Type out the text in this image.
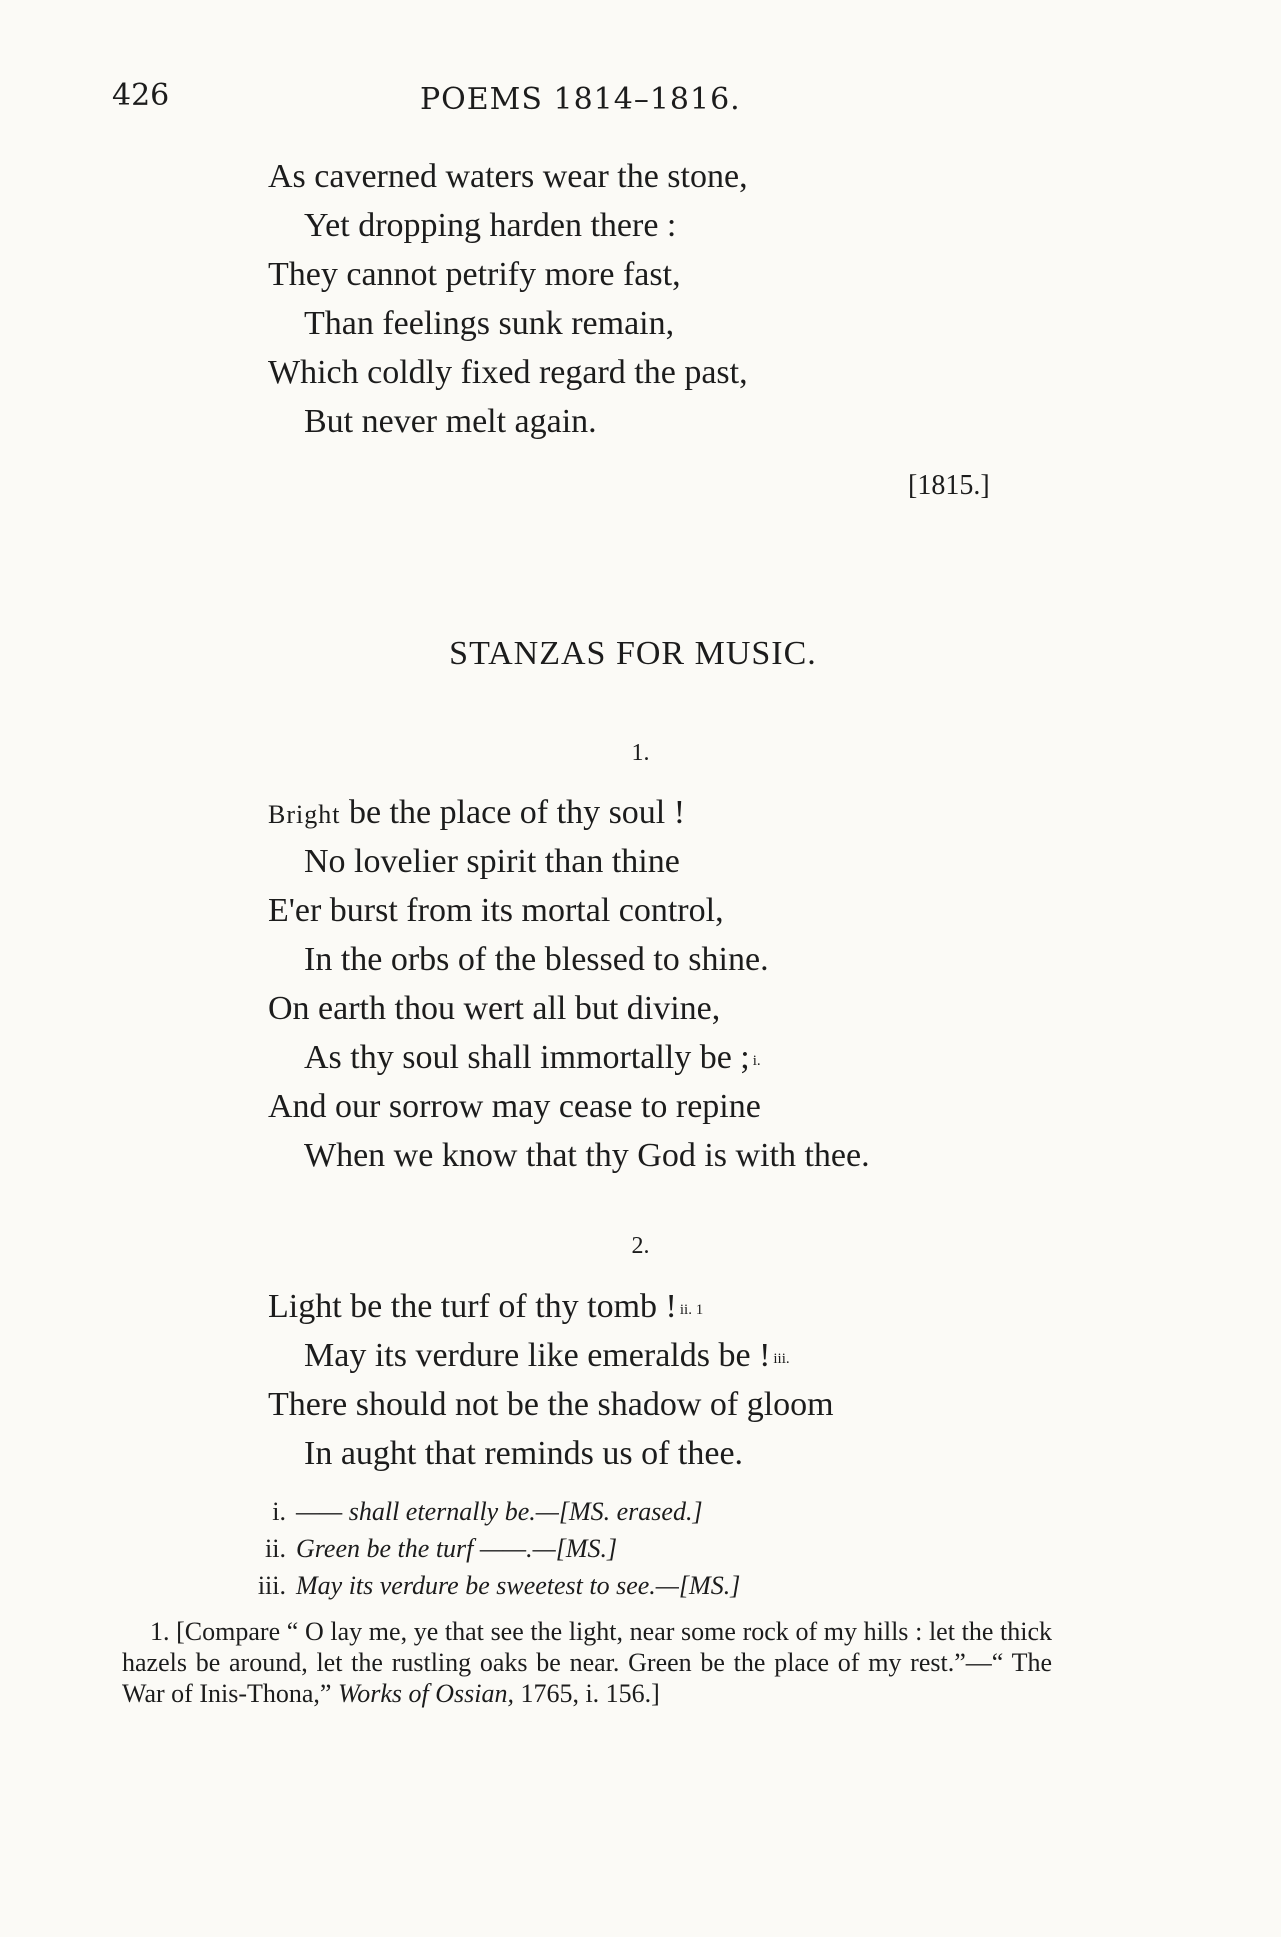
426	POEMS 1814–1816.
As caverned waters wear the stone,
Yet dropping harden there :
They cannot petrify more fast,
Than feelings sunk remain,
Which coldly fixed regard the past,
But never melt again.
[1815.]
STANZAS FOR MUSIC.
1.
Bright be the place of thy soul !
No lovelier spirit than thine
E'er burst from its mortal control,
In the orbs of the blessed to shine.
On earth thou wert all but divine,
As thy soul shall immortally be ; $^{i.}$
And our sorrow may cease to repine
When we know that thy God is with thee.
2.
Light be the turf of thy tomb ! $^{ii. 1}$
May its verdure like emeralds be ! $^{iii.}$
There should not be the shadow of gloom
In aught that reminds us of thee.
i. —— shall eternally be.—[MS. erased.]
ii. Green be the turf ——.—[MS.]
iii. May its verdure be sweetest to see.—[MS.]
1. [Compare “ O lay me, ye that see the light, near some rock of my hills : let the thick hazels be around, let the rustling oaks be near. Green be the place of my rest.”—“ The War of Inis-Thona,” Works of Ossian, 1765, i. 156.]
